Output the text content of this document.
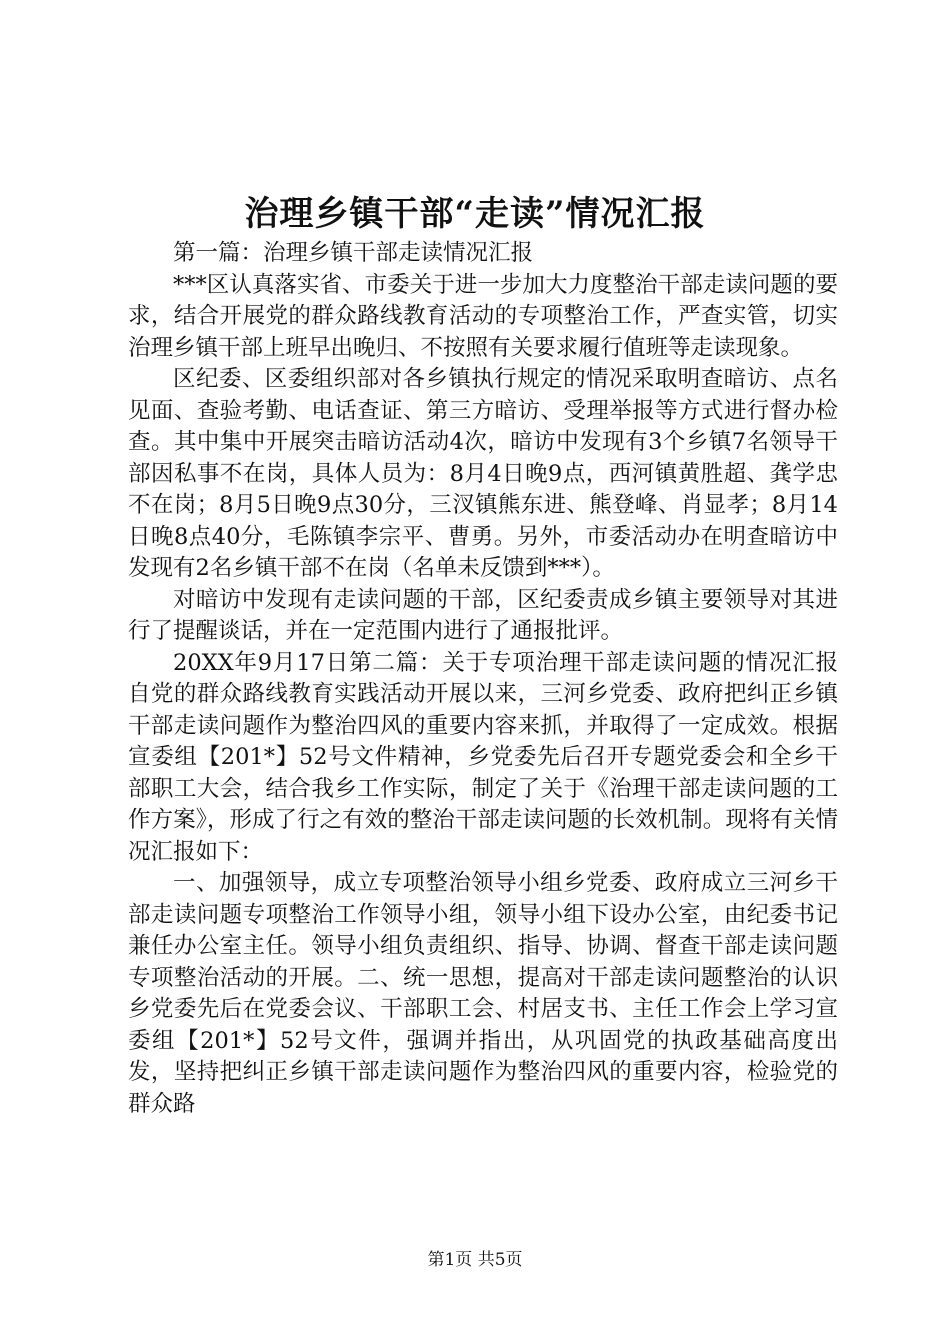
治理乡镇干部“走读”情况汇报

第一篇：治理乡镇干部走读情况汇报

***区认真落实省、市委关于进一步加大力度整治干部走读问题的要求，结合开展党的群众路线教育活动的专项整治工作，严查实管，切实治理乡镇干部上班早出晚归、不按照有关要求履行值班等走读现象。

区纪委、区委组织部对各乡镇执行规定的情况采取明查暗访、点名见面、查验考勤、电话查证、第三方暗访、受理举报等方式进行督办检查。其中集中开展突击暗访活动4次，暗访中发现有3个乡镇7名领导干部因私事不在岗，具体人员为：8月4日晚9点，西河镇黄胜超、龚学忠不在岗；8月5日晚9点30分，三汊镇熊东进、熊登峰、肖显孝；8月14日晚8点40分，毛陈镇李宗平、曹勇。另外，市委活动办在明查暗访中发现有2名乡镇干部不在岗（名单未反馈到***）。

对暗访中发现有走读问题的干部，区纪委责成乡镇主要领导对其进行了提醒谈话，并在一定范围内进行了通报批评。

20XX年9月17日第二篇：关于专项治理干部走读问题的情况汇报自党的群众路线教育实践活动开展以来，三河乡党委、政府把纠正乡镇干部走读问题作为整治四风的重要内容来抓，并取得了一定成效。根据宣委组【201*】52号文件精神，乡党委先后召开专题党委会和全乡干部职工大会，结合我乡工作实际，制定了关于《治理干部走读问题的工作方案》，形成了行之有效的整治干部走读问题的长效机制。现将有关情况汇报如下：

一、加强领导，成立专项整治领导小组乡党委、政府成立三河乡干部走读问题专项整治工作领导小组，领导小组下设办公室，由纪委书记兼任办公室主任。领导小组负责组织、指导、协调、督查干部走读问题专项整治活动的开展。二、统一思想，提高对干部走读问题整治的认识乡党委先后在党委会议、干部职工会、村居支书、主任工作会上学习宣委组【201*】52号文件，强调并指出，从巩固党的执政基础高度出发，坚持把纠正乡镇干部走读问题作为整治四风的重要内容，检验党的群众路

第1页 共5页
